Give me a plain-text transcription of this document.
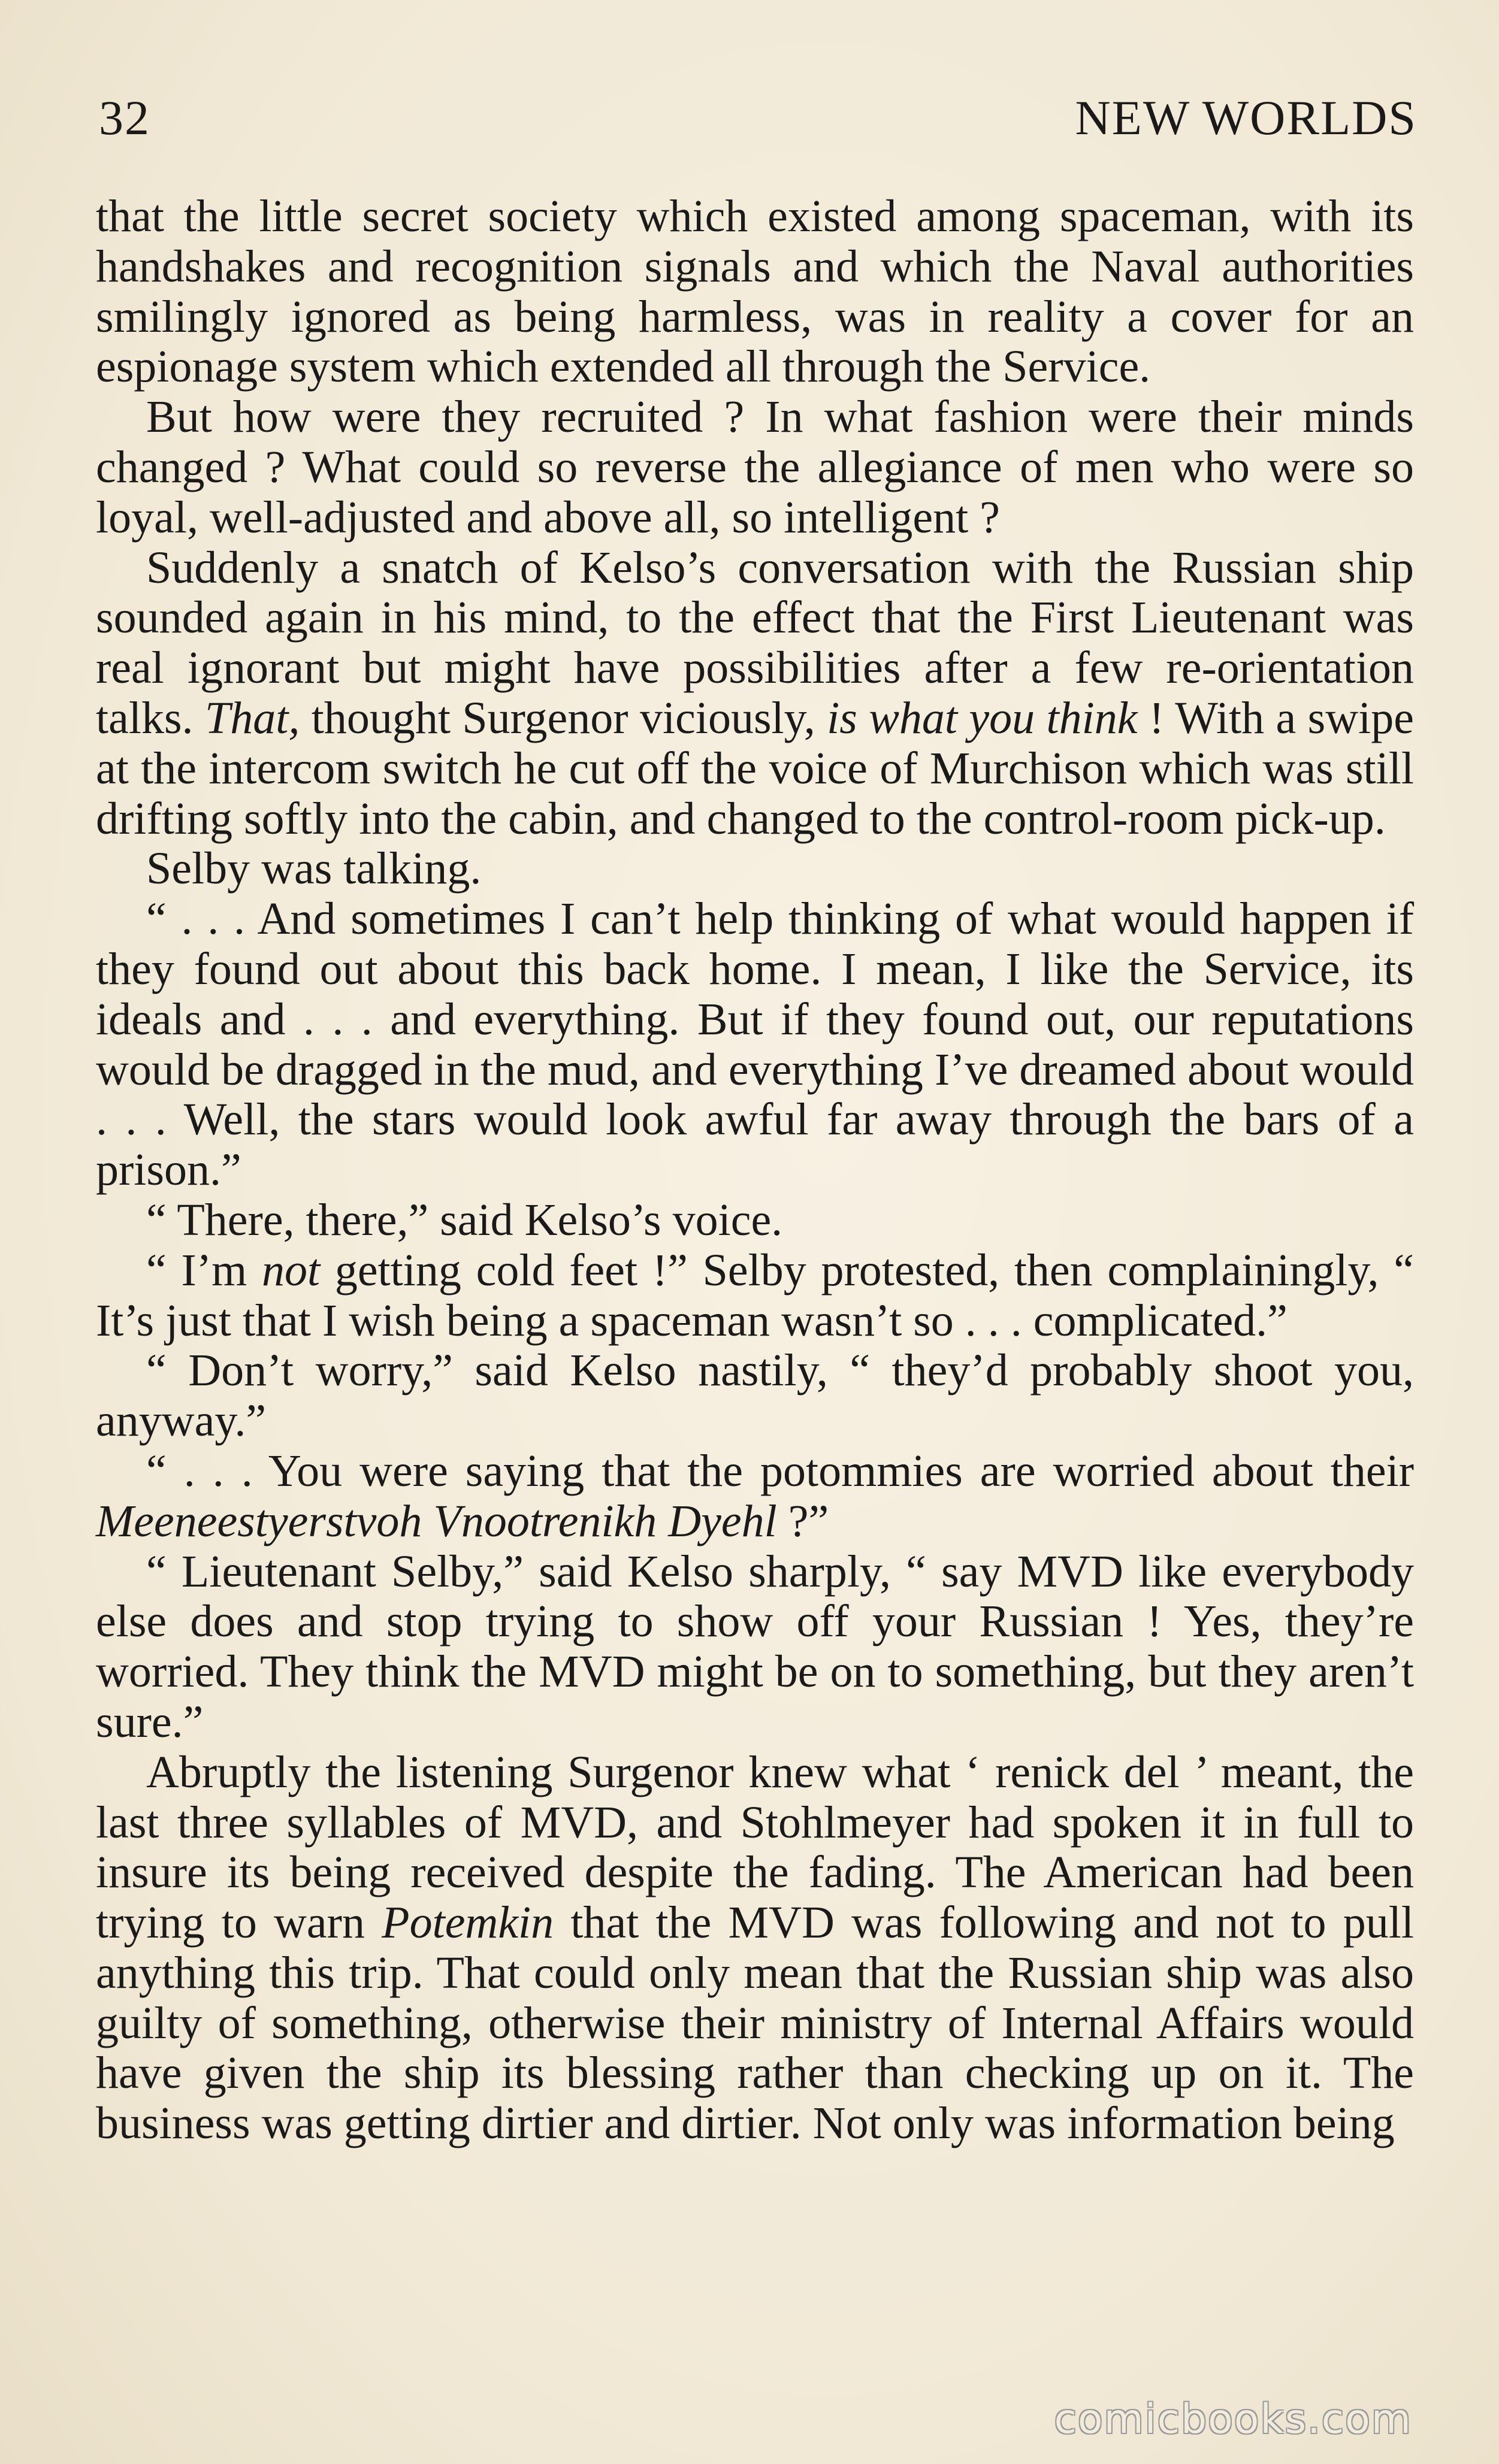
32	NEW WORLDS

that the little secret society which existed among spaceman, with its handshakes and recognition signals and which the Naval authorities smilingly ignored as being harmless, was in reality a cover for an espionage system which extended all through the Service.

But how were they recruited ? In what fashion were their minds changed ? What could so reverse the allegiance of men who were so loyal, well-adjusted and above all, so intelligent ?

Suddenly a snatch of Kelso’s conversation with the Russian ship sounded again in his mind, to the effect that the First Lieutenant was real ignorant but might have possibilities after a few re-orientation talks. That, thought Surgenor viciously, is what you think ! With a swipe at the intercom switch he cut off the voice of Murchison which was still drifting softly into the cabin, and changed to the control-room pick-up.

Selby was talking.

“ . . . And sometimes I can’t help thinking of what would happen if they found out about this back home. I mean, I like the Service, its ideals and . . . and everything. But if they found out, our reputations would be dragged in the mud, and everything I’ve dreamed about would . . . Well, the stars would look awful far away through the bars of a prison.”

“ There, there,” said Kelso’s voice.

“ I’m not getting cold feet !” Selby protested, then complainingly, “ It’s just that I wish being a spaceman wasn’t so . . . complicated.”

“ Don’t worry,” said Kelso nastily, “ they’d probably shoot you, anyway.”

“ . . . You were saying that the potommies are worried about their Meeneestyerstvoh Vnootrenikh Dyehl ?”

“ Lieutenant Selby,” said Kelso sharply, “ say MVD like everybody else does and stop trying to show off your Russian ! Yes, they’re worried. They think the MVD might be on to something, but they aren’t sure.”

Abruptly the listening Surgenor knew what ‘ renick del ’ meant, the last three syllables of MVD, and Stohlmeyer had spoken it in full to insure its being received despite the fading. The American had been trying to warn Potemkin that the MVD was following and not to pull anything this trip. That could only mean that the Russian ship was also guilty of something, otherwise their ministry of Internal Affairs would have given the ship its blessing rather than checking up on it. The business was getting dirtier and dirtier. Not only was information being

comicbooks.com
